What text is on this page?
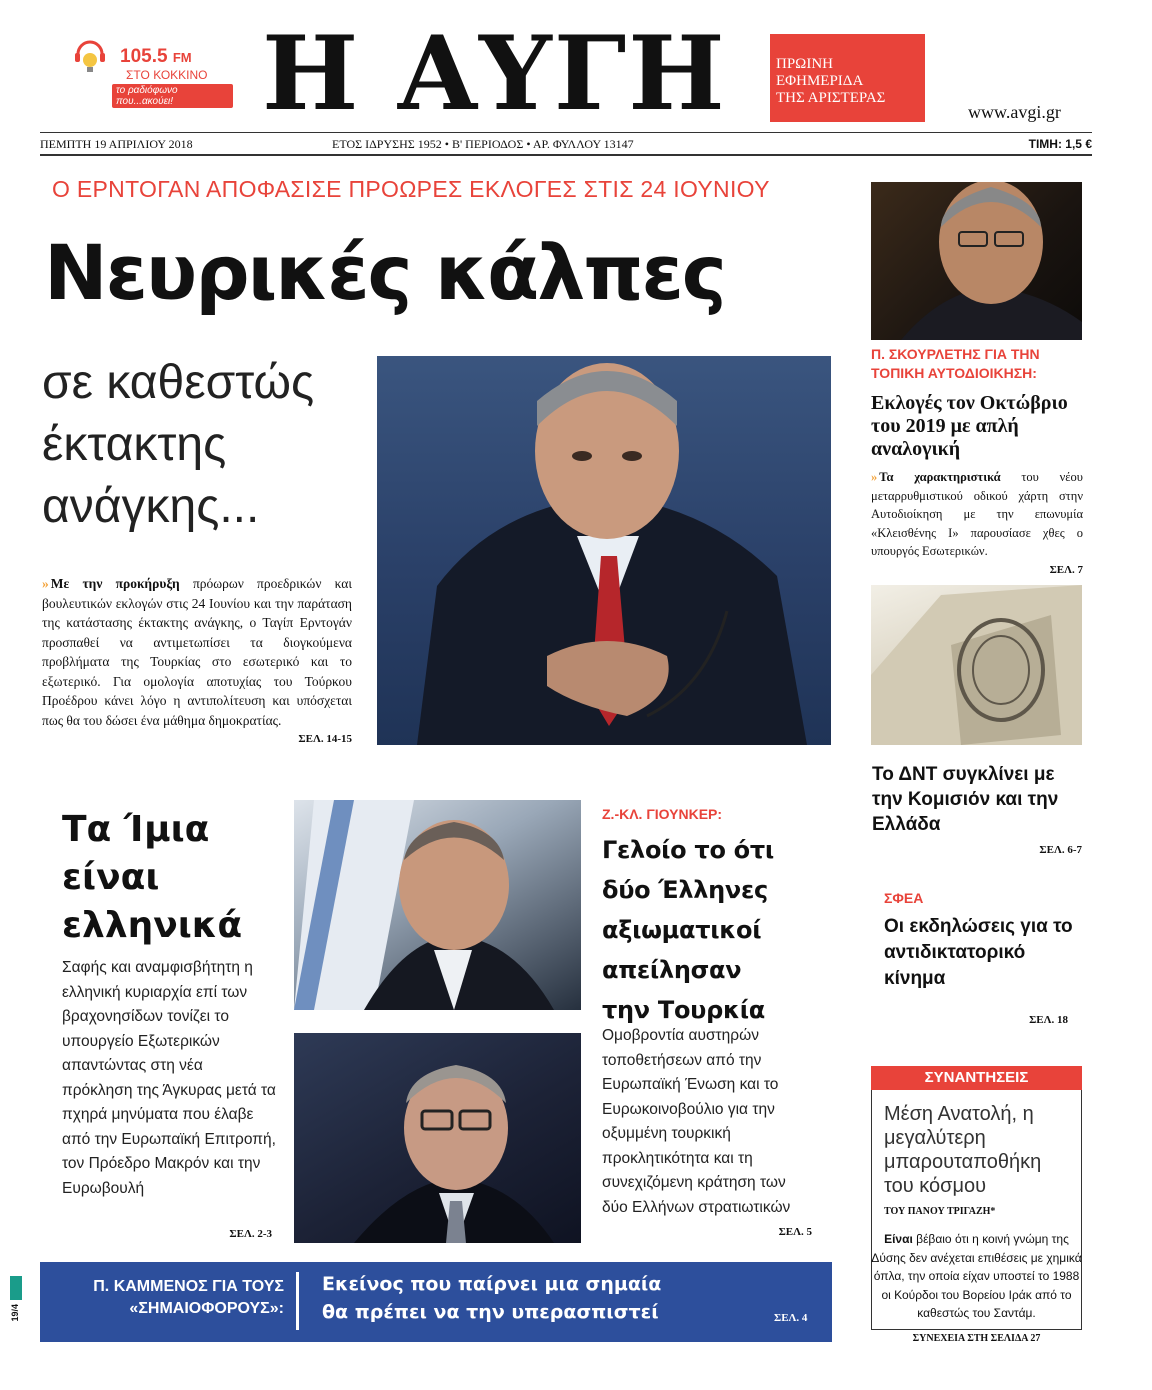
105.5 FM
ΣΤΟ ΚΟΚΚΙΝΟ
το ραδιόφωνο που...ακούει! Η ΑΥΓΗ	ΠΡΩΙΝΗ
ΕΦΗΜΕΡΙΔΑ
ΤΗΣ ΑΡΙΣΤΕΡΑΣ
www.avgi.gr
ΠΕΜΠΤΗ 19 ΑΠΡΙΛΙΟΥ 2018	ΕΤΟΣ ΙΔΡΥΣΗΣ 1952 • Β' ΠΕΡΙΟΔΟΣ • ΑΡ. ΦΥΛΛΟΥ 13147	ΤΙΜΗ: 1,5 €
Ο ΕΡΝΤΟΓΑΝ ΑΠΟΦΑΣΙΣΕ ΠΡΟΩΡΕΣ ΕΚΛΟΓΕΣ ΣΤΙΣ 24 ΙΟΥΝΙΟΥ
Νευρικές κάλπες
σε καθεστώς
έκτακτης
ανάγκης...
» Με την προκήρυξη πρόωρων προεδρικών και βουλευτικών εκλογών στις 24 Ιουνίου και την παράταση της κατάστασης έκτακτης ανάγκης, ο Ταγίπ Ερντογάν προσπαθεί να αντιμετωπίσει τα διογκούμενα προβλήματα της Τουρκίας στο εσωτερικό και το εξωτερικό. Για ομολογία αποτυχίας του Τούρκου Προέδρου κάνει λόγο η αντιπολίτευση και υπόσχεται πως θα του δώσει ένα μάθημα δημοκρατίας.
ΣΕΛ. 14-15
Π. ΣΚΟΥΡΛΕΤΗΣ ΓΙΑ ΤΗΝ ΤΟΠΙΚΗ ΑΥΤΟΔΙΟΙΚΗΣΗ:
Εκλογές τον Οκτώβριο του 2019 με απλή αναλογική
» Τα χαρακτηριστικά του νέου μεταρρυθμιστικού οδικού χάρτη στην Αυτοδιοίκηση με την επωνυμία «Κλεισθένης Ι» παρουσίασε χθες ο υπουργός Εσωτερικών.
ΣΕΛ. 7
Το ΔΝΤ συγκλίνει με την Κομισιόν και την Ελλάδα
ΣΕΛ. 6-7
ΣΦΕΑ
Οι εκδηλώσεις για το αντιδικτατορικό κίνημα
ΣΕΛ. 18
ΣΥΝΑΝΤΗΣΕΙΣ
Μέση Ανατολή, η μεγαλύτερη μπαρουταποθήκη του κόσμου
ΤΟΥ ΠΑΝΟΥ ΤΡΙΓΑΖΗ*
Είναι βέβαιο ότι η κοινή γνώμη της Δύσης δεν ανέχεται επιθέσεις με χημικά όπλα, την οποία είχαν υποστεί το 1988 οι Κούρδοι του Βορείου Ιράκ από το καθεστώς του Σαντάμ.
ΣΥΝΕΧΕΙΑ ΣΤΗ ΣΕΛΙΔΑ 27
Τα Ίμια
είναι
ελληνικά
Σαφής και αναμφισβήτητη η ελληνική κυριαρχία επί των βραχονησίδων τονίζει το υπουργείο Εξωτερικών απαντώντας στη νέα πρόκληση της Άγκυρας μετά τα πχηρά μηνύματα που έλαβε από την Ευρωπαϊκή Επιτροπή, τον Πρόεδρο Μακρόν και την Ευρωβουλή
ΣΕΛ. 2-3
Ζ.-ΚΛ. ΓΙΟΥΝΚΕΡ:
Γελοίο το ότι
δύο Έλληνες
αξιωματικοί
απείλησαν
την Τουρκία
Ομοβροντία αυστηρών τοποθετήσεων από την Ευρωπαϊκή Ένωση και το Ευρωκοινοβούλιο για την οξυμμένη τουρκική προκλητικότητα και τη συνεχιζόμενη κράτηση των δύο Ελλήνων στρατιωτικών
ΣΕΛ. 5
19/4
Π. ΚΑΜΜΕΝΟΣ ΓΙΑ ΤΟΥΣ
«ΣΗΜΑΙΟΦΟΡΟΥΣ»:
Εκείνος που παίρνει μια σημαία
θα πρέπει να την υπερασπιστεί	ΣΕΛ. 4
